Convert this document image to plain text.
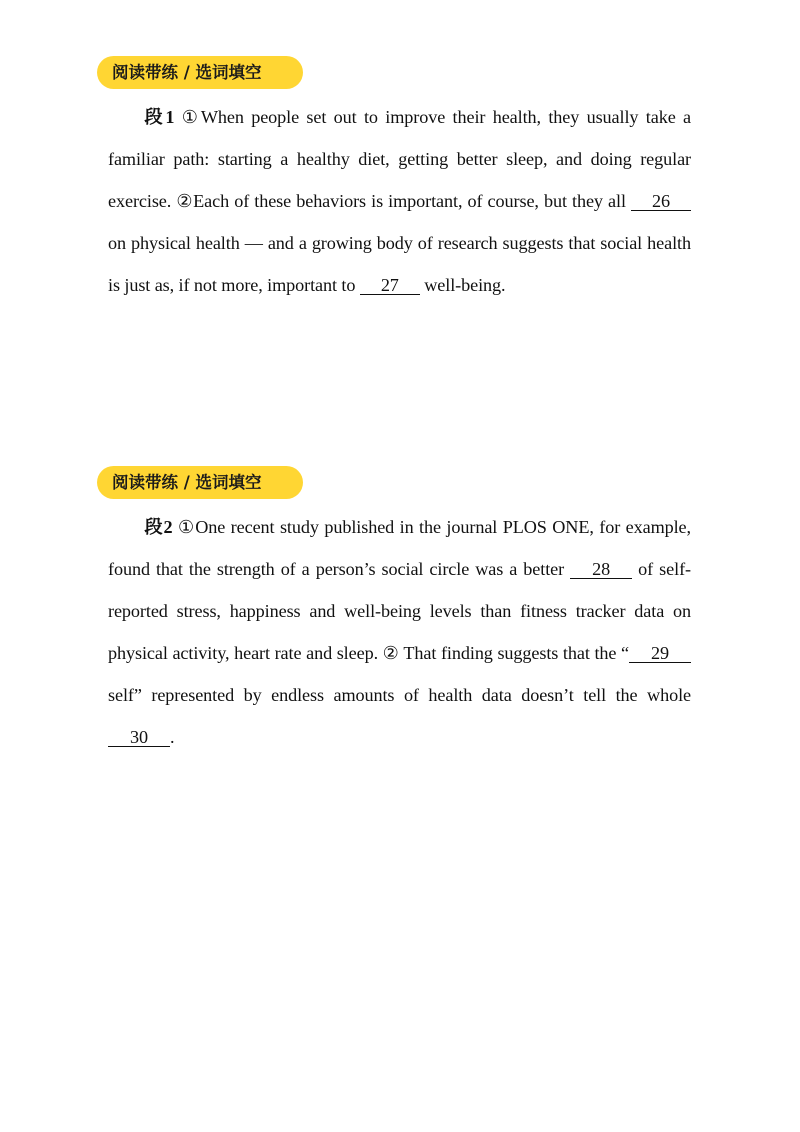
阅读带练 / 选词填空

段1 ①When people set out to improve their health, they usually take a familiar path: starting a healthy diet, getting better sleep, and doing regular exercise. ②Each of these behaviors is important, of course, but they all 26 on physical health — and a growing body of research suggests that social health is just as, if not more, important to 27 well-being.

阅读带练 / 选词填空

段2 ①One recent study published in the journal PLOS ONE, for example, found that the strength of a person’s social circle was a better 28 of self-reported stress, happiness and well-being levels than fitness tracker data on physical activity, heart rate and sleep. ② That finding suggests that the “ 29 self” represented by endless amounts of health data doesn’t tell the whole 30 .
